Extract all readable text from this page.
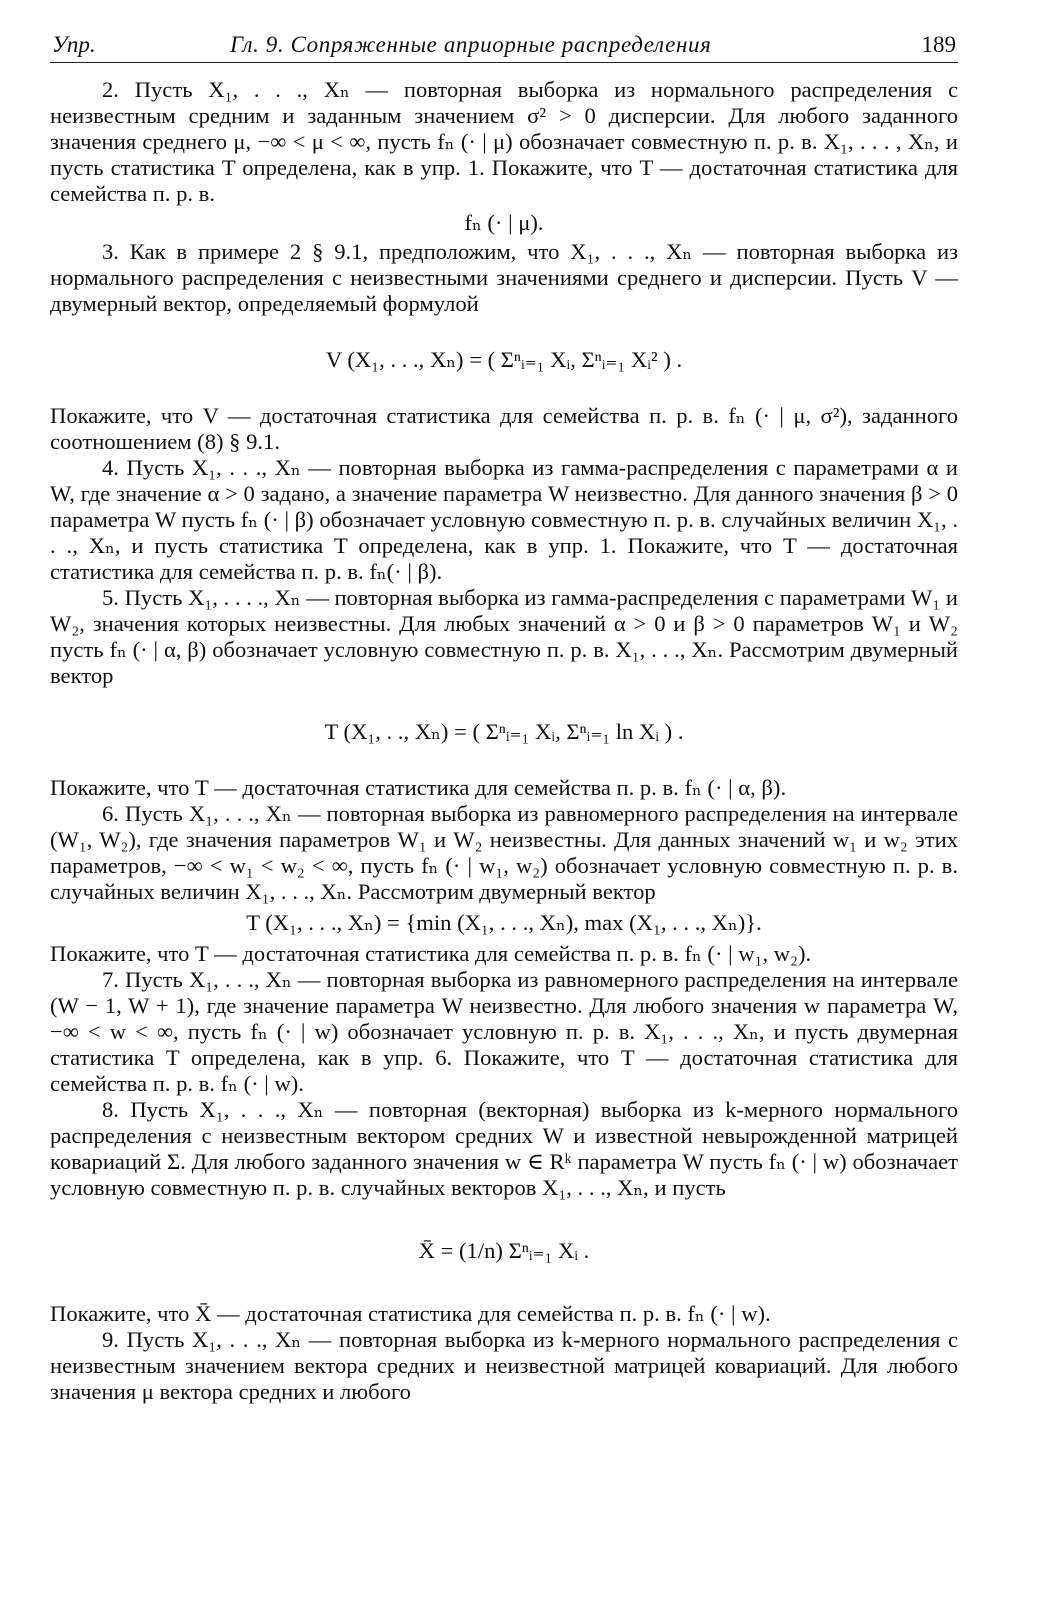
Упр.	Гл. 9. Сопряженные априорные распределения	189

2. Пусть X₁, . . ., Xₙ — повторная выборка из нормального распределения с неизвестным средним и заданным значением σ² > 0 дисперсии. Для любого заданного значения среднего μ, −∞ < μ < ∞, пусть fₙ (· | μ) обозначает совместную п. р. в. X₁, . . . , Xₙ, и пусть статистика T определена, как в упр. 1. Покажите, что T — достаточная статистика для семейства п. р. в.

fₙ (· | μ).

3. Как в примере 2 § 9.1, предположим, что X₁, . . ., Xₙ — повторная выборка из нормального распределения с неизвестными значениями среднего и дисперсии. Пусть V — двумерный вектор, определяемый формулой

V (X₁, . . ., Xₙ) = ( Σⁿᵢ₌₁ Xᵢ, Σⁿᵢ₌₁ Xᵢ² ) .

Покажите, что V — достаточная статистика для семейства п. р. в. fₙ (· | μ, σ²), заданного соотношением (8) § 9.1.

4. Пусть X₁, . . ., Xₙ — повторная выборка из гамма-распределения с параметрами α и W, где значение α > 0 задано, а значение параметра W неизвестно. Для данного значения β > 0 параметра W пусть fₙ (· | β) обозначает условную совместную п. р. в. случайных величин X₁, . . ., Xₙ, и пусть статистика T определена, как в упр. 1. Покажите, что T — достаточная статистика для семейства п. р. в. fₙ(· | β).

5. Пусть X₁, . . . ., Xₙ — повторная выборка из гамма-распределения с параметрами W₁ и W₂, значения которых неизвестны. Для любых значений α > 0 и β > 0 параметров W₁ и W₂ пусть fₙ (· | α, β) обозначает условную совместную п. р. в. X₁, . . ., Xₙ. Рассмотрим двумерный вектор

T (X₁, . ., Xₙ) = ( Σⁿᵢ₌₁ Xᵢ, Σⁿᵢ₌₁ ln Xᵢ ) .

Покажите, что T — достаточная статистика для семейства п. р. в. fₙ (· | α, β).

6. Пусть X₁, . . ., Xₙ — повторная выборка из равномерного распределения на интервале (W₁, W₂), где значения параметров W₁ и W₂ неизвестны. Для данных значений w₁ и w₂ этих параметров, −∞ < w₁ < w₂ < ∞, пусть fₙ (· | w₁, w₂) обозначает условную совместную п. р. в. случайных величин X₁, . . ., Xₙ. Рассмотрим двумерный вектор

T (X₁, . . ., Xₙ) = {min (X₁, . . ., Xₙ), max (X₁, . . ., Xₙ)}.

Покажите, что T — достаточная статистика для семейства п. р. в. fₙ (· | w₁, w₂).

7. Пусть X₁, . . ., Xₙ — повторная выборка из равномерного распределения на интервале (W − 1, W + 1), где значение параметра W неизвестно. Для любого значения w параметра W, −∞ < w < ∞, пусть fₙ (· | w) обозначает условную п. р. в. X₁, . . ., Xₙ, и пусть двумерная статистика T определена, как в упр. 6. Покажите, что T — достаточная статистика для семейства п. р. в. fₙ (· | w).

8. Пусть X₁, . . ., Xₙ — повторная (векторная) выборка из k-мерного нормального распределения с неизвестным вектором средних W и известной невырожденной матрицей ковариаций Σ. Для любого заданного значения w ∈ Rᵏ параметра W пусть fₙ (· | w) обозначает условную совместную п. р. в. случайных векторов X₁, . . ., Xₙ, и пусть

X̄ = (1/n) Σⁿᵢ₌₁ Xᵢ .

Покажите, что X̄ — достаточная статистика для семейства п. р. в. fₙ (· | w).

9. Пусть X₁, . . ., Xₙ — повторная выборка из k-мерного нормального распределения с неизвестным значением вектора средних и неизвестной матрицей ковариаций. Для любого значения μ вектора средних и любого
